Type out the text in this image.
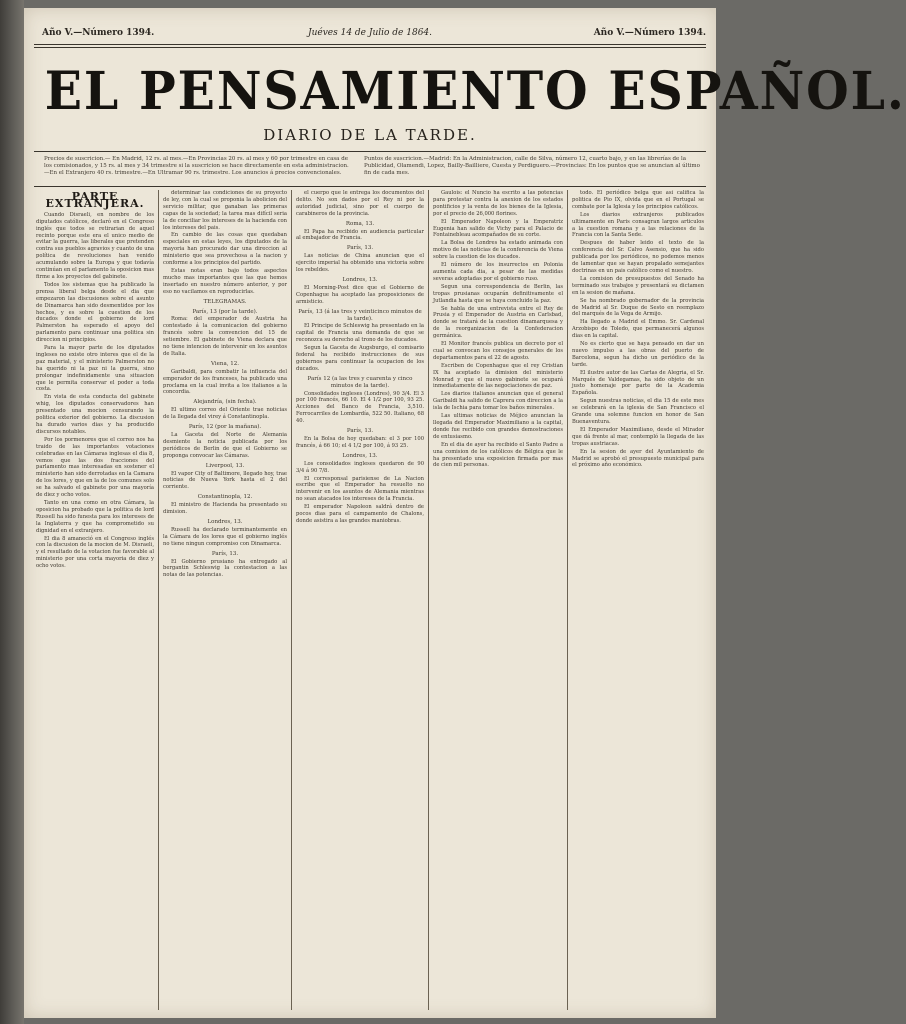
Año V.—Número 1394.	Juéves 14 de Julio de 1864.	Año V.—Número 1394.
EL PENSAMIENTO ESPAÑOL.
DIARIO DE LA TARDE.
Precios de suscricion.— En Madrid, 12 rs. al mes.—En Provincias 20 rs. al mes y 60 por trimestre en casa de los comisionados, y 15 rs. al mes y 34 trimestre si la suscricion se hace directamente en esta administracion.—En el Extranjero 40 rs. trimestre.—En Ultramar 90 rs. trimestre. Los anuncios á precios convencionales.
Puntos de suscricion.—Madrid: En la Administracion, calle de Silva, número 12, cuarto bajo, y en las librerías de la Publicidad, Olamendi, Lopez, Bailly-Bailliere, Cuesta y Perdiguero.—Provincias: En los puntos que se anuncian al último fin de cada mes.

PARTE EXTRANJERA.

Cuando Disraeli, en nombre de los diputados católicos, declaró en el Congreso inglés que todos se retirarian de aquel recinto porque este era el unico medio de evitar la guerra, las liberales que pretenden contra sus pueblos agravios y cuanto de una política de revoluciones han venido acumulando sobre la Europa y que todavía continúan en el parlamento la oposicion mas firme a los proyectos del gabinete.

Todos los sistemas que ha publicado la prensa liberal belga desde el dia que empezaron las discusiones sobre el asunto de Dinamarca han sido desmentidos por los hechos, y es sobre la cuestion de los ducados donde el gobierno de lord Palmerston ha esperado el apoyo del parlamento para continuar una politica sin direccion ni principios.

Para la mayor parte de los diputados ingleses no existe otro interes que el de la paz material, y el ministerio Palmerston no ha querido ni la paz ni la guerra, sino prolongar indefinidamente una situacion que le permita conservar el poder a toda costa.

En vista de esta conducta del gabinete whig, los diputados conservadores han presentado una mocion censurando la politica exterior del gobierno. La discusion ha durado varios dias y ha producido discursos notables.

Por los pormenores que el correo nos ha traido de las importantes votaciones celebradas en las Cámaras inglesas el dia 8, vemos que las dos fracciones del parlamento mas interesadas en sostener el ministerio han sido derrotadas en la Camara de los lores, y que en la de los comunes solo se ha salvado el gabinete por una mayoría de diez y ocho votos.

Tanto en una como en otra Cámara, la oposicion ha probado que la politica de lord Russell ha sido funesta para los intereses de la Inglaterra y que ha comprometido su dignidad en el extranjero.

El dia 8 amaneció en el Congreso inglés con la discusion de la mocion de M. Disraeli, y el resultado de la votacion fue favorable al ministerio por una corta mayoria de diez y ocho votos.

determinar las condiciones de su proyecto de ley, con la cual se proponia la abolicion del servicio militar, que ganaban las primeras capas de la sociedad; la tarea mas difícil seria la de conciliar los intereses de la hacienda con los intereses del pais.

En cambio de las cosas que quedaban especiales en estas leyes, los diputados de la mayoria han procurado dar una direccion al ministerio que sea provechosa a la nacion y conforme a los principios del partido.

Estas notas eran bajo todos aspectos mucho mas importantes que las que hemos insertado en nuestro número anterior, y por eso no vacilamos en reproducirlas.

TELEGRAMAS.

París, 13 (por la tarde).

Roma: del emperador de Austria ha contestado á la comunicacion del gobierno francés sobre la convencion del 15 de setiembre. El gabinete de Viena declara que no tiene intencion de intervenir en los asuntos de Italia.

Viena, 12.

Garibaldi, para combatir la influencia del emperador de los franceses, ha publicado una proclama en la cual invita a los italianos a la concordia.

Alejandría, (sin fecha).

El ultimo correo del Oriente trae noticias de la llegada del virey á Constantinopla.

París, 12 (por la mañana).

La Gaceta del Norte de Alemania desmiente la noticia publicada por los periódicos de Berlin de que el Gobierno se proponga convocar las Cámaras.

Liverpool, 13.

El vapor City of Baltimore, llegado hoy, trae noticias de Nueva York hasta el 2 del corriente.

Constantinopla, 12.

El ministro de Hacienda ha presentado su dimision.

Londres, 13.

Russell ha declarado terminantemente en la Cámara de los lores que el gobierno inglés no tiene ningun compromiso con Dinamarca.

París, 13.

El Gobierno prusiano ha entregado al bergantin Schleswig la contestacion a las notas de las potencias.

el cuerpo que le entrega los documentos del delito. No son dados por el Rey ni por la autoridad judicial, sino por el cuerpo de carabineros de la provincia.

Roma, 13.

El Papa ha recibido en audiencia particular al embajador de Francia.

París, 13.

Las noticias de China anuncian que el ejercito imperial ha obtenido una victoria sobre los rebeldes.

Londres, 13.

El Morning-Post dice que el Gobierno de Copenhague ha aceptado las proposiciones de armisticio.

París, 13 (á las tres y veinticinco minutos de la tarde).

El Principe de Schleswig ha presentado en la capital de Francia una demanda de que se reconozca su derecho al trono de los ducados.

Segun la Gaceta de Augsburgo, el comisario federal ha recibido instrucciones de sus gobiernos para continuar la ocupacion de los ducados.

París 12 (a las tres y cuarenta y cinco minutos de la tarde).

Consolidados ingleses (Londres), 90 3/4. El 3 por 100 francés, 66 10. El 4 1/2 por 100, 93 25. Acciones del Banco de Francia, 3,510. Ferrocarriles de Lombardía, 522 50. Italiano, 68 40.

París, 13.

En la Bolsa de hoy quedaban: el 3 por 100 francés, á 66 10; el 4 1/2 por 100, á 93 25.

Londres, 13.

Los consolidados ingleses quedaron de 90 3/4 á 90 7/8.

El corresponsal parisiense de La Nacion escribe que el Emperador ha resuelto no intervenir en los asuntos de Alemania mientras no sean atacados los intereses de la Francia.

El emperador Napoleon saldrá dentro de pocos dias para el campamento de Chalons, donde asistira a las grandes maniobras.

Gaulois: el Nuncio ha escrito a las potencias para protestar contra la anexion de los estados pontificios y la venta de los bienes de la Iglesia, por el precio de 26,000 florines.

El Emperador Napoleon y la Emperatriz Eugenia han salido de Vichy para el Palacio de Fontainebleau acompañados de su corte.

La Bolsa de Londres ha estado animada con motivo de las noticias de la conferencia de Viena sobre la cuestion de los ducados.

El número de los insurrectos en Polonia aumenta cada dia, a pesar de las medidas severas adoptadas por el gobierno ruso.

Segun una correspondencia de Berlin, las tropas prusianas ocuparán definitivamente el Jutlandia hasta que se haya concluido la paz.

Se habla de una entrevista entre el Rey de Prusia y el Emperador de Austria en Carlsbad, donde se tratará de la cuestion dinamarquesa y de la reorganizacion de la Confederacion germánica.

El Monitor francés publica un decreto por el cual se convocan los consejos generales de los departamentos para el 22 de agosto.

Escriben de Copenhague que el rey Cristian IX ha aceptado la dimision del ministerio Monrad y que el nuevo gabinete se ocupará inmediatamente de las negociaciones de paz.

Los diarios italianos anuncian que el general Garibaldi ha salido de Caprera con direccion a la isla de Ischia para tomar los baños minerales.

Las ultimas noticias de Méjico anuncian la llegada del Emperador Maximiliano a la capital, donde fue recibido con grandes demostraciones de entusiasmo.

En el dia de ayer ha recibido el Santo Padre a una comision de los católicos de Bélgica que le ha presentado una exposicion firmada por mas de cien mil personas.

todo. El periódico belga que asi califica la politica de Pio IX, olvida que en el Portugal se combate por la Iglesia y los principios católicos.

Los diarios extranjeros publicados ultimamente en Paris consagran largos articulos a la cuestion romana y a las relaciones de la Francia con la Santa Sede.

Despues de haber leido el texto de la conferencia del Sr. Calvo Asensio, que ha sido publicada por los periódicos, no podemos menos de lamentar que se hayan propalado semejantes doctrinas en un pais católico como el nuestro.

La comision de presupuestos del Senado ha terminado sus trabajos y presentará su dictamen en la sesion de mañana.

Se ha nombrado gobernador de la provincia de Madrid al Sr. Duque de Sesto en reemplazo del marqués de la Vega de Armijo.

Ha llegado a Madrid el Emmo. Sr. Cardenal Arzobispo de Toledo, que permanecerá algunos dias en la capital.

No es cierto que se haya pensado en dar un nuevo impulso a las obras del puerto de Barcelona, segun ha dicho un periódico de la tarde.

El ilustre autor de las Cartas de Alegria, el Sr. Marqués de Valdegamas, ha sido objeto de un justo homenaje por parte de la Academia Española.

Segun nuestras noticias, el dia 15 de este mes se celebrará en la iglesia de San Francisco el Grande una solemne funcion en honor de San Buenaventura.

El Emperador Maximiliano, desde el Mirador que dá frente al mar, contempló la llegada de las tropas austriacas.

En la sesion de ayer del Ayuntamiento de Madrid se aprobó el presupuesto municipal para el próximo año económico.
